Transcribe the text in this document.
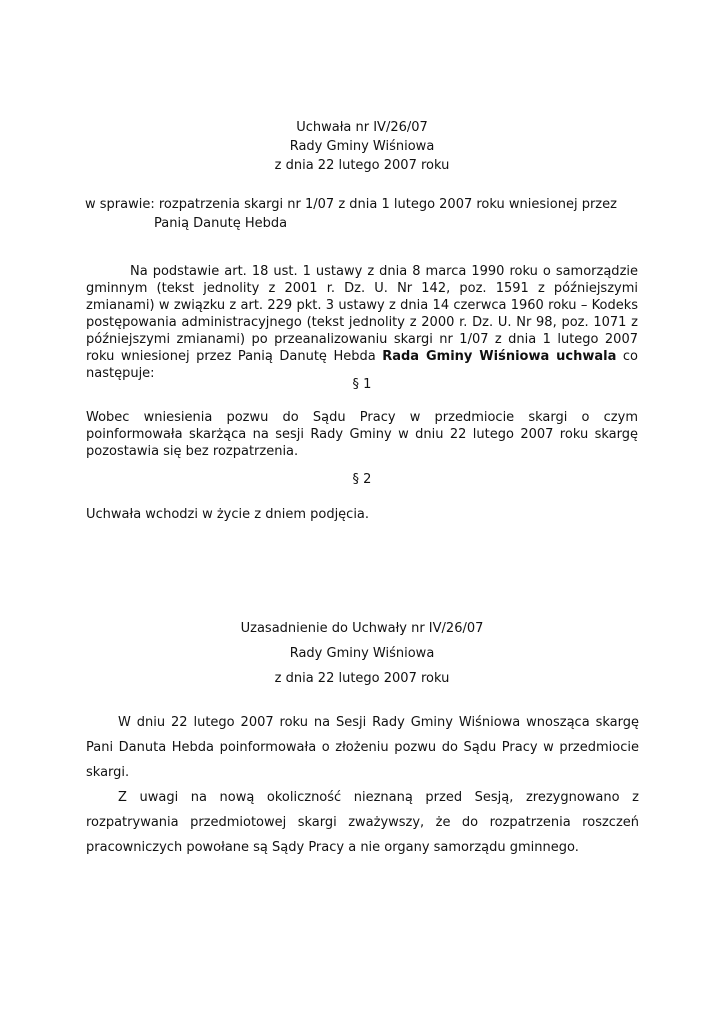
Uchwała nr IV/26/07

Rady Gminy Wiśniowa

z dnia 22 lutego 2007 roku

w sprawie: rozpatrzenia skargi nr 1/07 z dnia 1 lutego 2007 roku wniesionej przez

Panią Danutę Hebda

Na podstawie art. 18 ust. 1 ustawy z dnia 8 marca 1990 roku o samorządzie gminnym (tekst jednolity z 2001 r. Dz. U. Nr 142, poz. 1591 z późniejszymi zmianami) w związku z art. 229 pkt. 3 ustawy z dnia 14 czerwca 1960 roku – Kodeks postępowania administracyjnego (tekst jednolity z 2000 r. Dz. U. Nr 98, poz. 1071 z późniejszymi zmianami) po przeanalizowaniu skargi nr 1/07 z dnia 1 lutego 2007 roku wniesionej przez Panią Danutę Hebda Rada Gminy Wiśniowa uchwala co następuje:

§ 1

Wobec wniesienia pozwu do Sądu Pracy w przedmiocie skargi o czym poinformowała skarżąca na sesji Rady Gminy w dniu 22 lutego 2007 roku skargę pozostawia się bez rozpatrzenia.

§ 2

Uchwała wchodzi w życie z dniem podjęcia.

Uzasadnienie do Uchwały nr IV/26/07

Rady Gminy Wiśniowa

z dnia 22 lutego 2007 roku

W dniu 22 lutego 2007 roku na Sesji Rady Gminy Wiśniowa wnosząca skargę Pani Danuta Hebda poinformowała o złożeniu pozwu do Sądu Pracy w przedmiocie skargi.

Z uwagi na nową okoliczność nieznaną przed Sesją, zrezygnowano z rozpatrywania przedmiotowej skargi zważywszy, że do rozpatrzenia roszczeń pracowniczych powołane są Sądy Pracy a nie organy samorządu gminnego.
